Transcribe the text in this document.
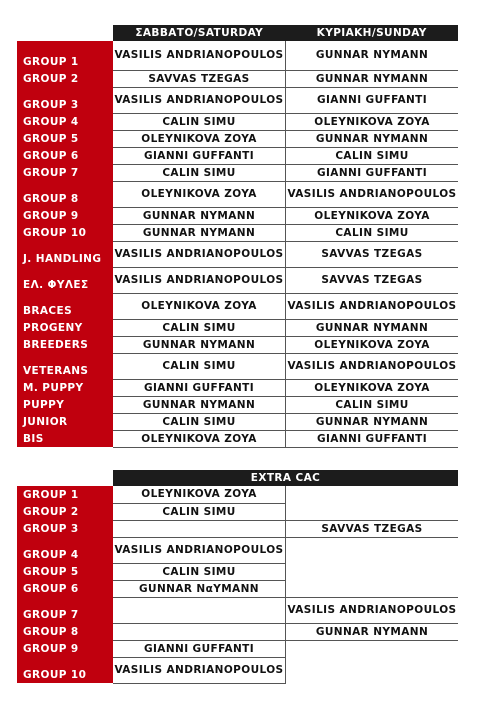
	ΣΑΒΒΑΤΟ/SATURDAY	ΚΥΡΙΑΚΗ/SUNDAY
GROUP 1	VASILIS ANDRIANOPOULOS	GUNNAR NYMANN
GROUP 2	SAVVAS TZEGAS	GUNNAR NYMANN
GROUP 3	VASILIS ANDRIANOPOULOS	GIANNI GUFFANTI
GROUP 4	CALIN SIMU	OLEYNIKOVA ZOYA
GROUP 5	OLEYNIKOVA ZOYA	GUNNAR NYMANN
GROUP 6	GIANNI GUFFANTI	CALIN SIMU
GROUP 7	CALIN SIMU	GIANNI GUFFANTI
GROUP 8	OLEYNIKOVA ZOYA	VASILIS ANDRIANOPOULOS
GROUP 9	GUNNAR NYMANN	OLEYNIKOVA ZOYA
GROUP 10	GUNNAR NYMANN	CALIN SIMU
J. HANDLING	VASILIS ANDRIANOPOULOS	SAVVAS TZEGAS
ΕΛ. ΦΥΛΕΣ	VASILIS ANDRIANOPOULOS	SAVVAS TZEGAS
BRACES	OLEYNIKOVA ZOYA	VASILIS ANDRIANOPOULOS
PROGENY	CALIN SIMU	GUNNAR NYMANN
BREEDERS	GUNNAR NYMANN	OLEYNIKOVA ZOYA
VETERANS	CALIN SIMU	VASILIS ANDRIANOPOULOS
M. PUPPY	GIANNI GUFFANTI	OLEYNIKOVA ZOYA
PUPPY	GUNNAR NYMANN	CALIN SIMU
JUNIOR	CALIN SIMU	GUNNAR NYMANN
BIS	OLEYNIKOVA ZOYA	GIANNI GUFFANTI
	EXTRA CAC	
GROUP 1	OLEYNIKOVA ZOYA	
GROUP 2	CALIN SIMU	
GROUP 3		SAVVAS TZEGAS
GROUP 4	VASILIS ANDRIANOPOULOS	
GROUP 5	CALIN SIMU	
GROUP 6	GUNNAR NαYMANN	
GROUP 7		VASILIS ANDRIANOPOULOS
GROUP 8		GUNNAR NYMANN
GROUP 9	GIANNI GUFFANTI	
GROUP 10	VASILIS ANDRIANOPOULOS	
